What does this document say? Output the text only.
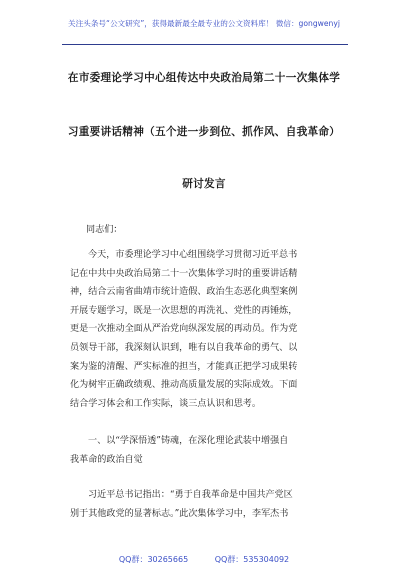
关注头条号“公文研究”，获得最新最全最专业的公文资料库！ 微信：gongwenyj
在市委理论学习中心组传达中央政治局第二十一次集体学
习重要讲话精神（五个进一步到位、抓作风、自我革命）
研讨发言
同志们：

今天，市委理论学习中心组围绕学习贯彻习近平总书

记在中共中央政治局第二十一次集体学习时的重要讲话精

神，结合云南省曲靖市统计造假、政治生态恶化典型案例

开展专题学习，既是一次思想的再洗礼、党性的再锤炼，

更是一次推动全面从严治党向纵深发展的再动员。作为党

员领导干部，我深刻认识到，唯有以自我革命的勇气、以

案为鉴的清醒、严实标准的担当，才能真正把学习成果转

化为树牢正确政绩观、推动高质量发展的实际成效。下面

结合学习体会和工作实际，谈三点认识和思考。

一、以“学深悟透”铸魂，在深化理论武装中增强自

我革命的政治自觉

习近平总书记指出：“勇于自我革命是中国共产党区

别于其他政党的显著标志。”此次集体学习中，李军杰书

QQ群：30265665	QQ群：535304092
